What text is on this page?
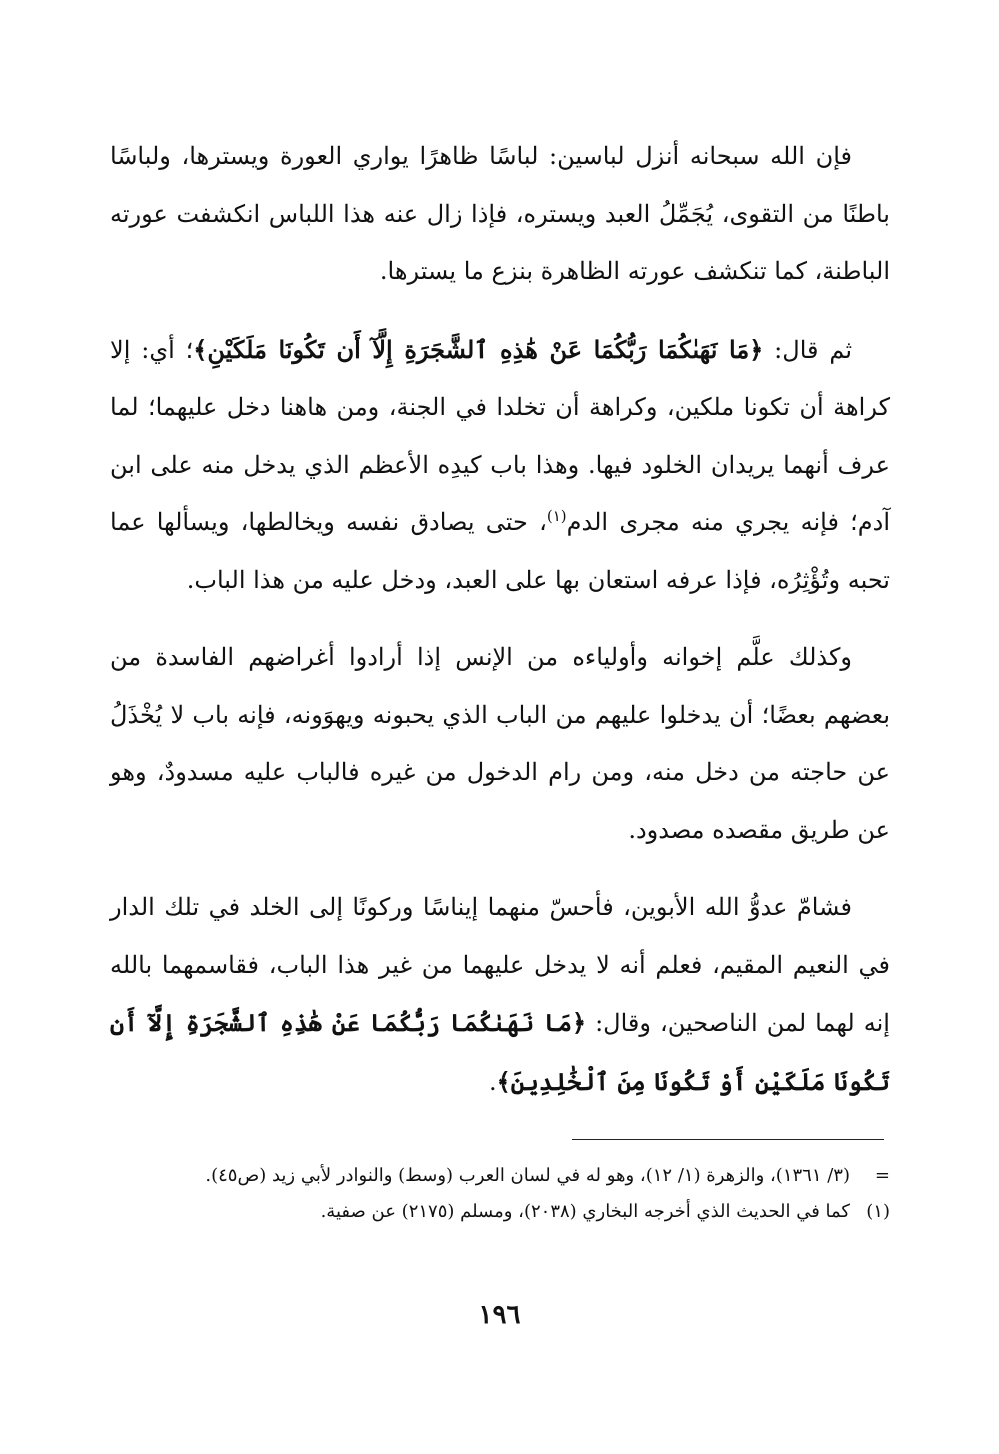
فإن الله سبحانه أنزل لباسين: لباسًا ظاهرًا يواري العورة ويسترها، ولباسًا باطنًا من التقوى، يُجَمِّلُ العبد ويستره، فإذا زال عنه هذا اللباس انكشفت عورته الباطنة، كما تنكشف عورته الظاهرة بنزع ما يسترها.

ثم قال: ﴿مَا نَهَىٰكُمَا رَبُّكُمَا عَنْ هَٰذِهِ ٱلشَّجَرَةِ إِلَّآ أَن تَكُونَا مَلَكَيْنِ﴾؛ أي: إلا كراهة أن تكونا ملكين، وكراهة أن تخلدا في الجنة، ومن هاهنا دخل عليهما؛ لما عرف أنهما يريدان الخلود فيها. وهذا باب كيدِه الأعظم الذي يدخل منه على ابن آدم؛ فإنه يجري منه مجرى الدم$^{(١)}$، حتى يصادق نفسه ويخالطها، ويسألها عما تحبه وتُؤْثِرُه، فإذا عرفه استعان بها على العبد، ودخل عليه من هذا الباب.

وكذلك علَّم إخوانه وأولياءه من الإنس إذا أرادوا أغراضهم الفاسدة من بعضهم بعضًا؛ أن يدخلوا عليهم من الباب الذي يحبونه ويهوَونه، فإنه باب لا يُخْذَلُ عن حاجته من دخل منه، ومن رام الدخول من غيره فالباب عليه مسدودٌ، وهو عن طريق مقصده مصدود.

فشامّ عدوُّ الله الأبوين، فأحسّ منهما إيناسًا وركونًا إلى الخلد في تلك الدار في النعيم المقيم، فعلم أنه لا يدخل عليهما من غير هذا الباب، فقاسمهما بالله إنه لهما لمن الناصحين، وقال: ﴿مَا نَهَىٰكُمَا رَبُّكُمَا عَنْ هَٰذِهِ ٱلشَّجَرَةِ إِلَّآ أَن تَكُونَا مَلَكَيْنِ أَوْ تَكُونَا مِنَ ٱلْخَٰلِدِينَ﴾.

=
(٣/ ١٣٦١)، والزهرة (١/ ١٢)، وهو له في لسان العرب (وسط) والنوادر لأبي زيد (ص٤٥).
(١)
كما في الحديث الذي أخرجه البخاري (٢٠٣٨)، ومسلم (٢١٧٥) عن صفية.
١٩٦
